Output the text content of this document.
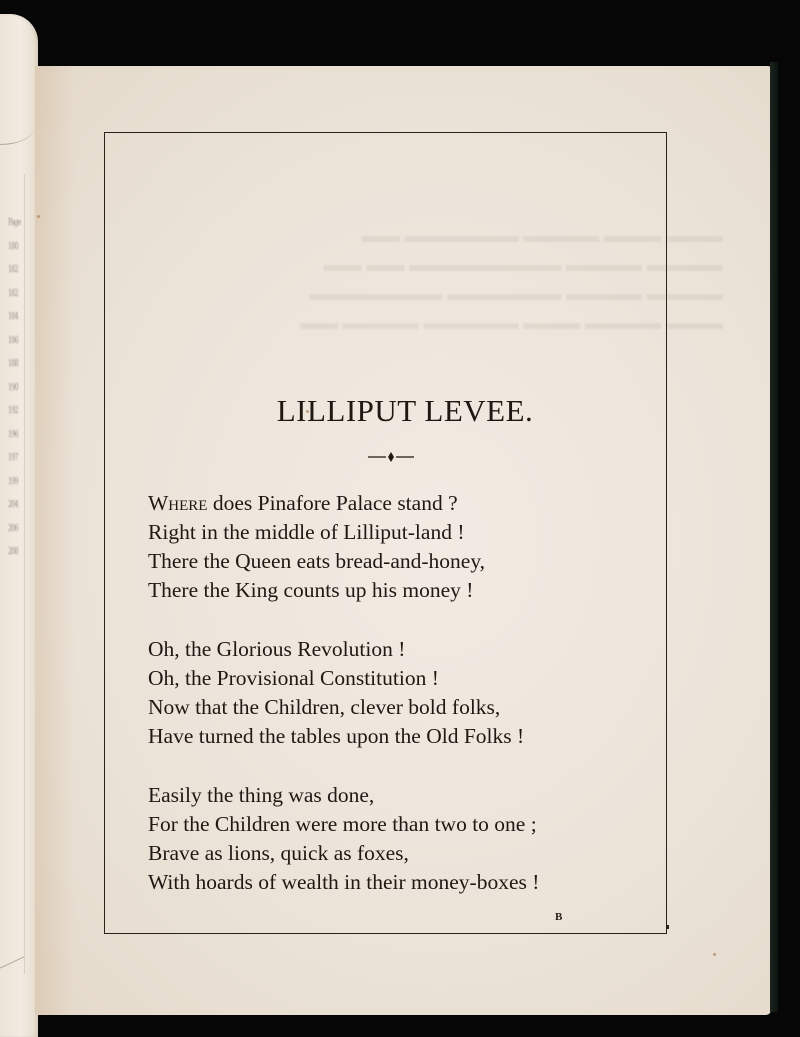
Page
180
182
182
184
186
188
190
192
196
197
199
204
206
208
LILLIPUT LEVEE.
Where does Pinafore Palace stand ?
Right in the middle of Lilliput-land !
There the Queen eats bread-and-honey,
There the King counts up his money !
Oh, the Glorious Revolution !
Oh, the Provisional Constitution !
Now that the Children, clever bold folks,
Have turned the tables upon the Old Folks !
Easily the thing was done,
For the Children were more than two to one ;
Brave as lions, quick as foxes,
With hoards of wealth in their money-boxes !
B
